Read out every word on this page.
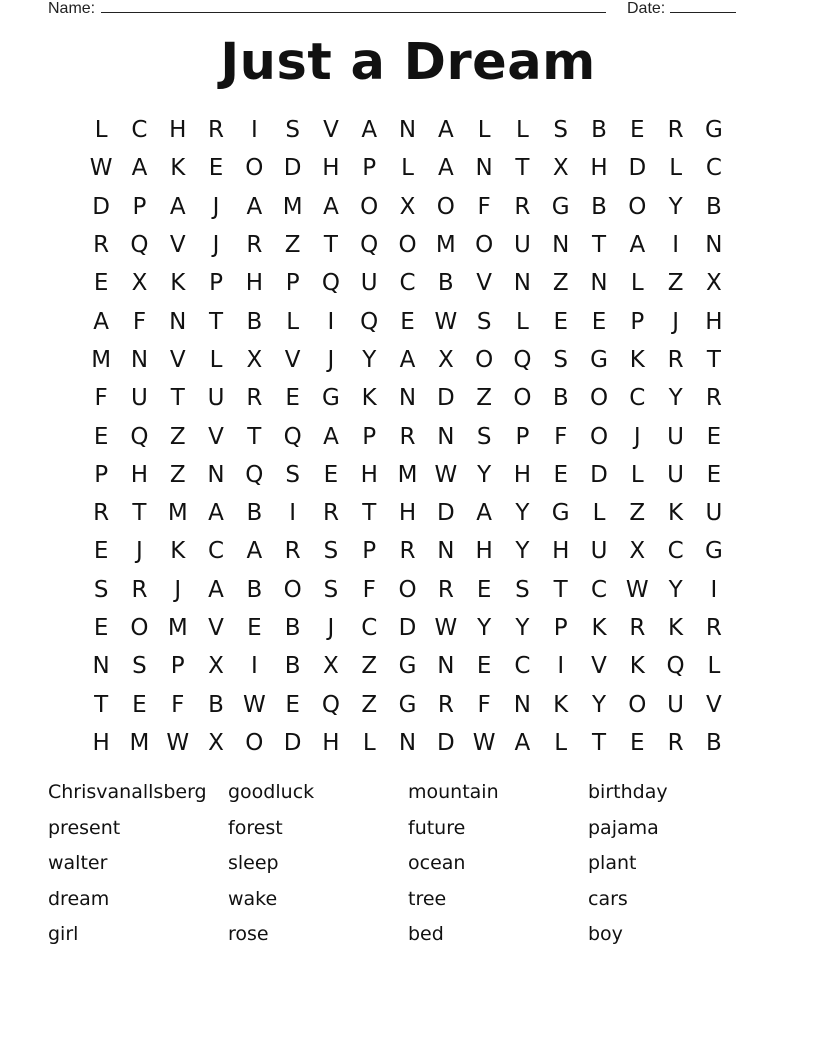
Name:	Date:
Just a Dream
L	C H R	I	S	V A N A	L	L	S	B	E	R G
W A K	E O D H P	L	A N T	X H D	L	C
D P	A	J	A M A O X O F	R G B O Y	B
R Q V	J	R Z	T Q O M O U N T	A	I	N
E	X K	P H P Q U C B V N Z N	L	Z X
A	F	N T	B	L	I	Q E W S	L	E	E	P	J	H
M N V	L	X V	J	Y	A X O Q S G K R	T
F	U T U R	E G K N D Z O B O C	Y	R
E Q Z V	T Q A	P	R N S	P	F O	J	U E
P H Z N Q S	E H M W Y H E D	L	U E
R	T M A B	I	R	T H D A	Y G L	Z K U
E	J	K C A R	S	P	R N H Y H U X C G
S	R	J	A B O S	F O R	E	S	T	C W Y	I
E O M V	E	B	J	C D W Y	Y	P	K R K R
N S	P	X	I	B X Z G N E C	I	V K Q L
T	E	F	B W E Q Z G R	F	N K	Y O U V
H M W X O D H	L	N D W A	L	T	E	R B
Chrisvanallsberg	goodluck	mountain	birthday
present	forest	future	pajama
walter	sleep	ocean	plant
dream	wake	tree	cars
girl	rose	bed	boy
